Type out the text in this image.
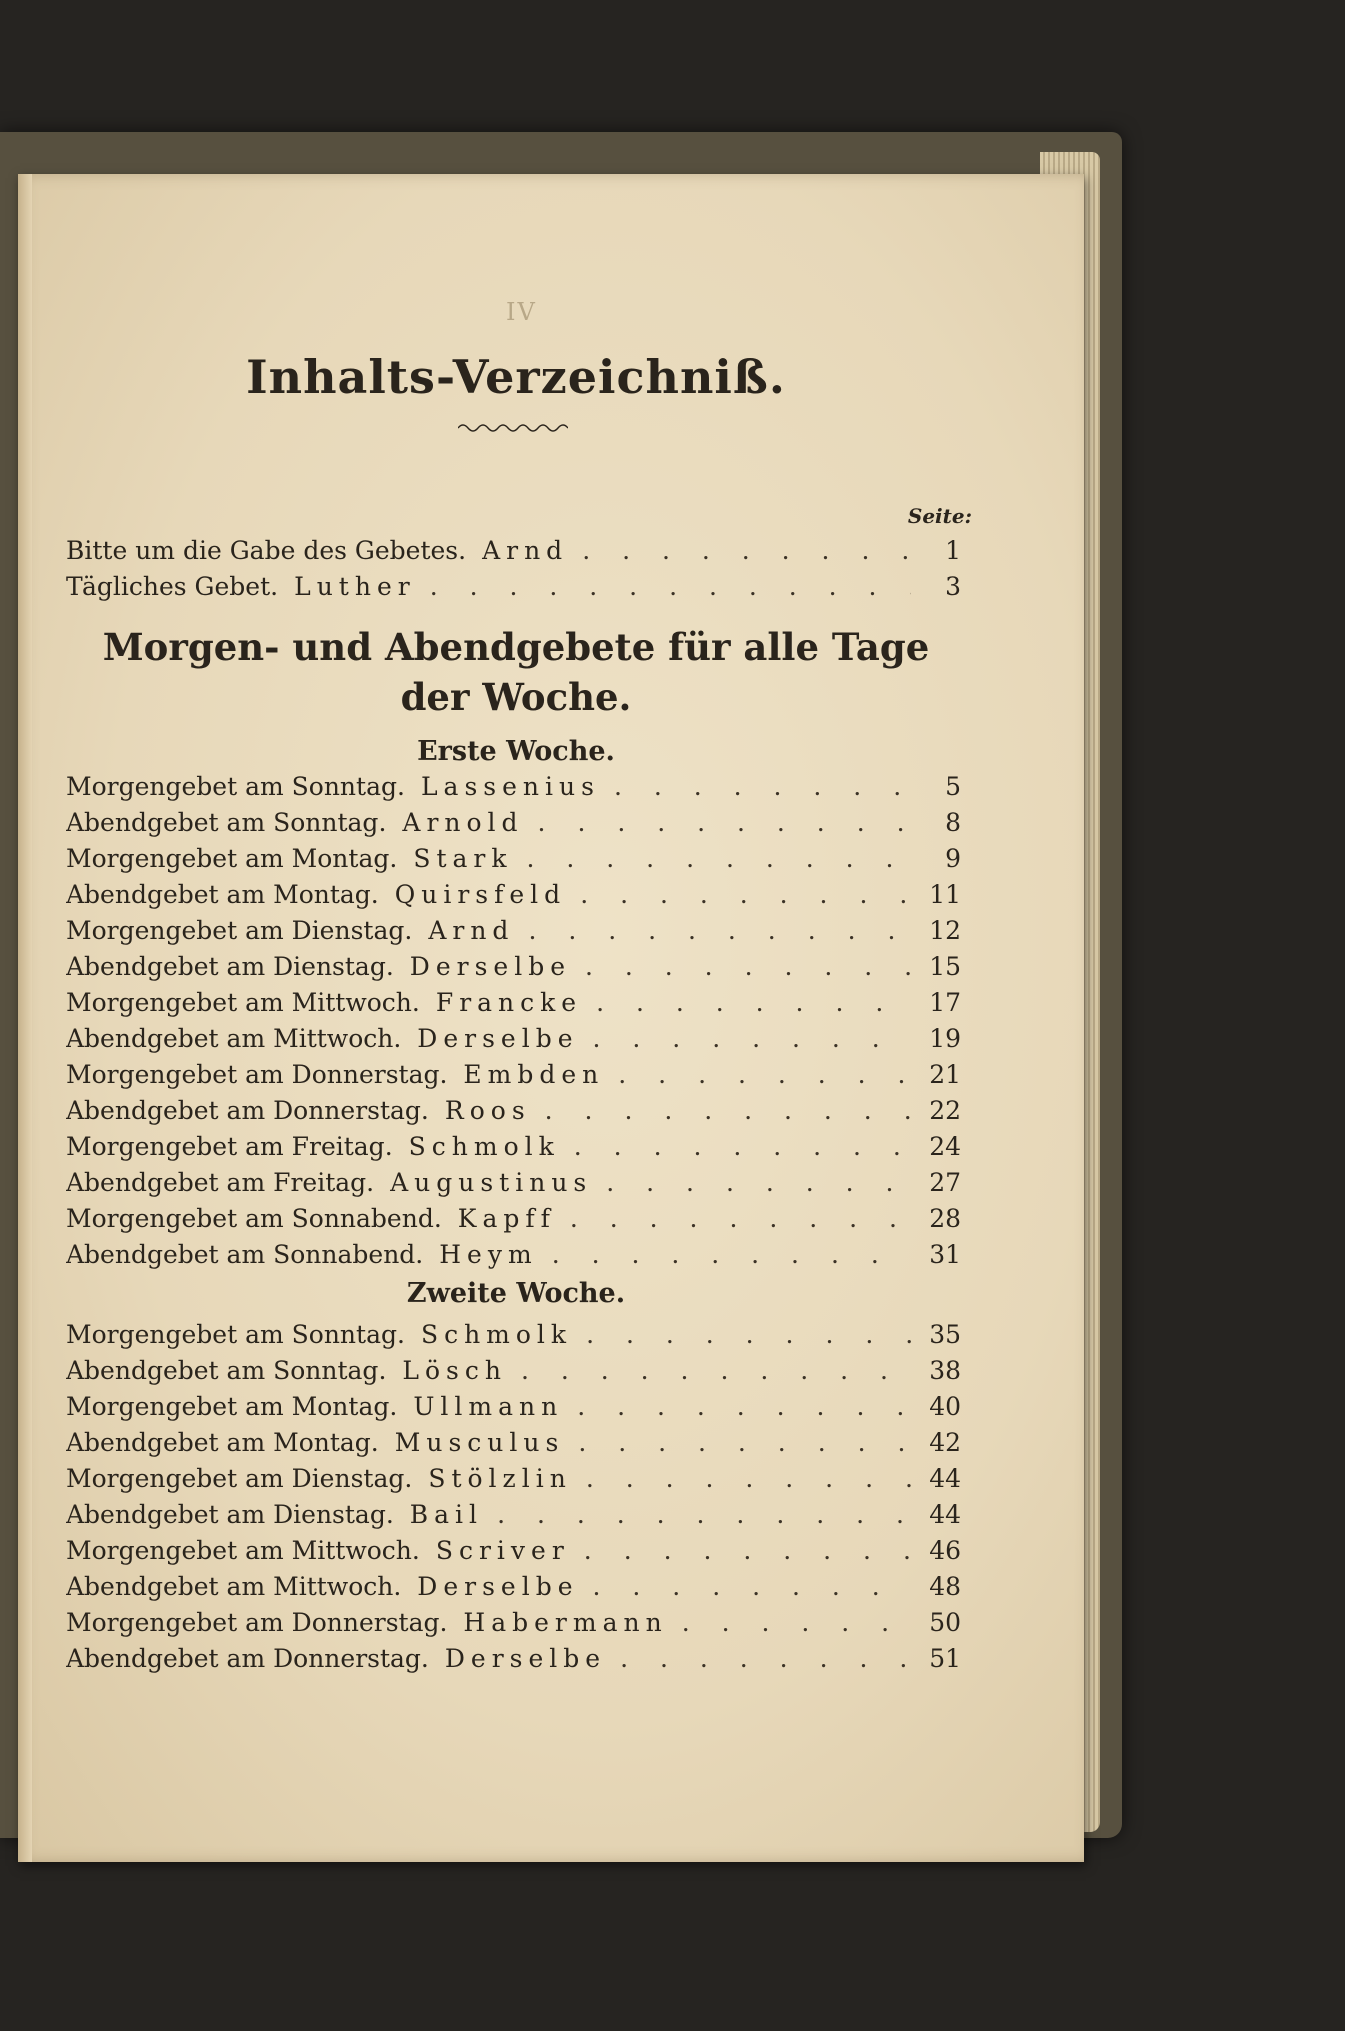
IV
Inhalts-Verzeichniß.
Seite:
Bitte um die Gabe des Gebetes. Arnd . . .	1
Tägliches Gebet. Luther . . .	3
Morgen- und Abendgebete für alle Tage der Woche.
Erste Woche.
Morgengebet am Sonntag. Lassenius . . .	5
Abendgebet am Sonntag. Arnold . . .	8
Morgengebet am Montag. Stark . . .	9
Abendgebet am Montag. Quirsfeld . . .	11
Morgengebet am Dienstag. Arnd . . .	12
Abendgebet am Dienstag. Derselbe . . .	15
Morgengebet am Mittwoch. Francke . . .	17
Abendgebet am Mittwoch. Derselbe . . .	19
Morgengebet am Donnerstag. Embden . . .	21
Abendgebet am Donnerstag. Roos . . .	22
Morgengebet am Freitag. Schmolk . . .	24
Abendgebet am Freitag. Augustinus . . .	27
Morgengebet am Sonnabend. Kapff . . .	28
Abendgebet am Sonnabend. Heym . . .	31
Zweite Woche.
Morgengebet am Sonntag. Schmolk . . .	35
Abendgebet am Sonntag. Lösch . . .	38
Morgengebet am Montag. Ullmann . . .	40
Abendgebet am Montag. Musculus . . .	42
Morgengebet am Dienstag. Stölzlin . . .	44
Abendgebet am Dienstag. Bail . . .	44
Morgengebet am Mittwoch. Scriver . . .	46
Abendgebet am Mittwoch. Derselbe . . .	48
Morgengebet am Donnerstag. Habermann . . .	50
Abendgebet am Donnerstag. Derselbe . . .	51
